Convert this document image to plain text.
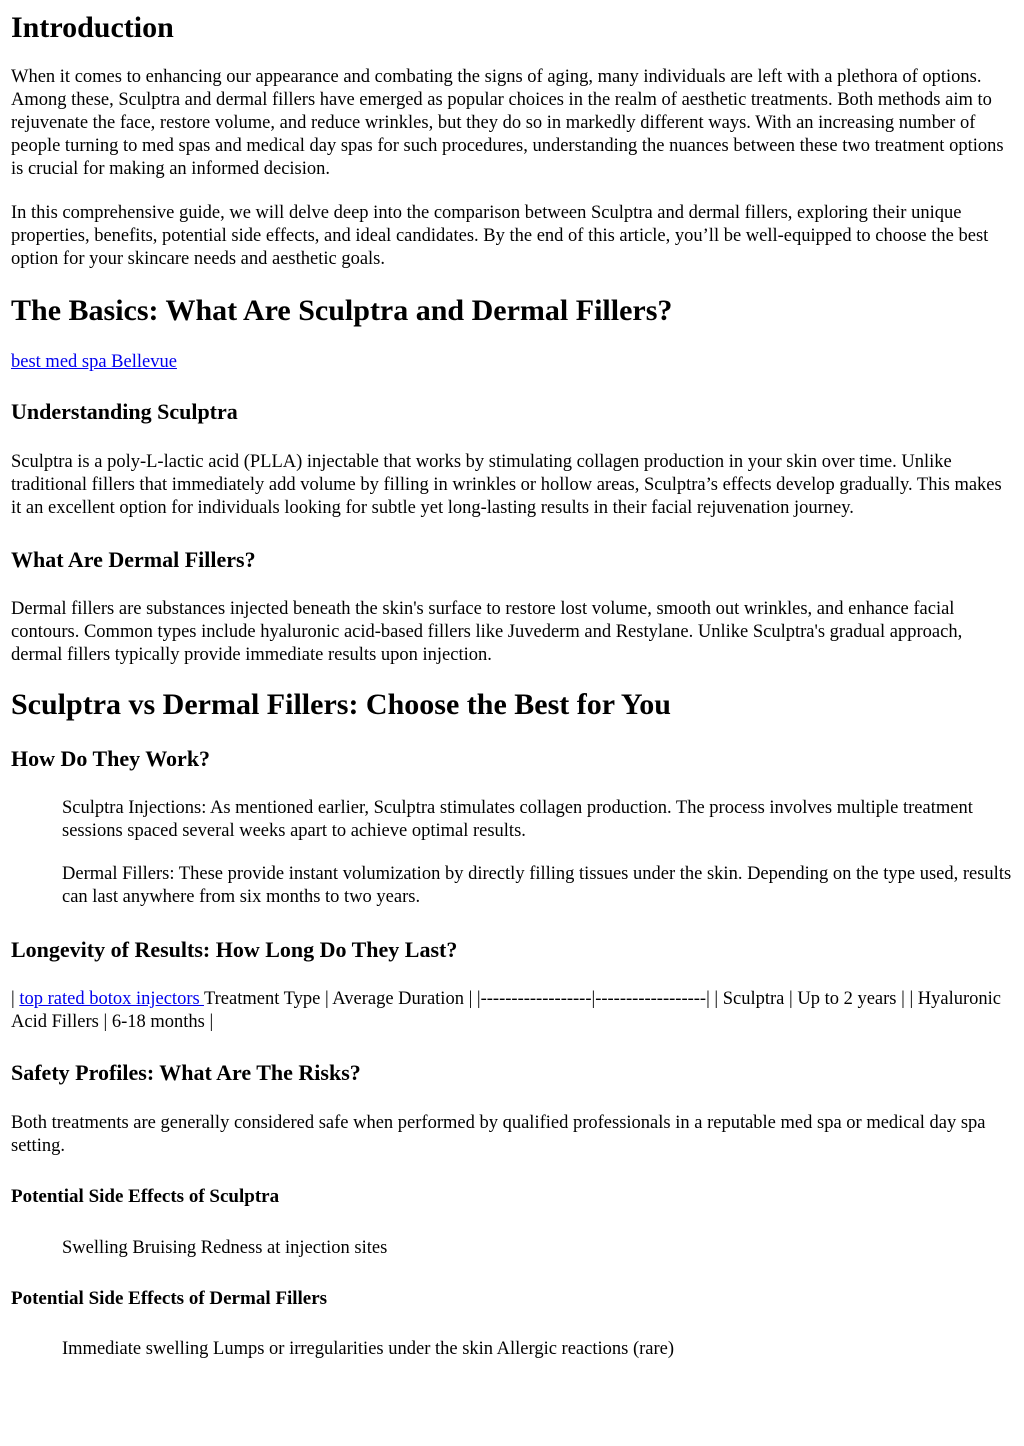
Introduction

When it comes to enhancing our appearance and combating the signs of aging, many individuals are left with a plethora of options. Among these, Sculptra and dermal fillers have emerged as popular choices in the realm of aesthetic treatments. Both methods aim to rejuvenate the face, restore volume, and reduce wrinkles, but they do so in markedly different ways. With an increasing number of people turning to med spas and medical day spas for such procedures, understanding the nuances between these two treatment options is crucial for making an informed decision.

In this comprehensive guide, we will delve deep into the comparison between Sculptra and dermal fillers, exploring their unique properties, benefits, potential side effects, and ideal candidates. By the end of this article, you’ll be well-equipped to choose the best option for your skincare needs and aesthetic goals.

The Basics: What Are Sculptra and Dermal Fillers?

best med spa Bellevue

Understanding Sculptra

Sculptra is a poly-L-lactic acid (PLLA) injectable that works by stimulating collagen production in your skin over time. Unlike traditional fillers that immediately add volume by filling in wrinkles or hollow areas, Sculptra’s effects develop gradually. This makes it an excellent option for individuals looking for subtle yet long-lasting results in their facial rejuvenation journey.

What Are Dermal Fillers?

Dermal fillers are substances injected beneath the skin's surface to restore lost volume, smooth out wrinkles, and enhance facial contours. Common types include hyaluronic acid-based fillers like Juvederm and Restylane. Unlike Sculptra's gradual approach, dermal fillers typically provide immediate results upon injection.

Sculptra vs Dermal Fillers: Choose the Best for You
How Do They Work?

Sculptra Injections: As mentioned earlier, Sculptra stimulates collagen production. The process involves multiple treatment sessions spaced several weeks apart to achieve optimal results.

Dermal Fillers: These provide instant volumization by directly filling tissues under the skin. Depending on the type used, results can last anywhere from six months to two years.

Longevity of Results: How Long Do They Last?

| top rated botox injectors Treatment Type | Average Duration | |------------------|------------------| | Sculptra | Up to 2 years | | Hyaluronic Acid Fillers | 6-18 months |

Safety Profiles: What Are The Risks?

Both treatments are generally considered safe when performed by qualified professionals in a reputable med spa or medical day spa setting.

Potential Side Effects of Sculptra

Swelling Bruising Redness at injection sites

Potential Side Effects of Dermal Fillers

Immediate swelling Lumps or irregularities under the skin Allergic reactions (rare)
